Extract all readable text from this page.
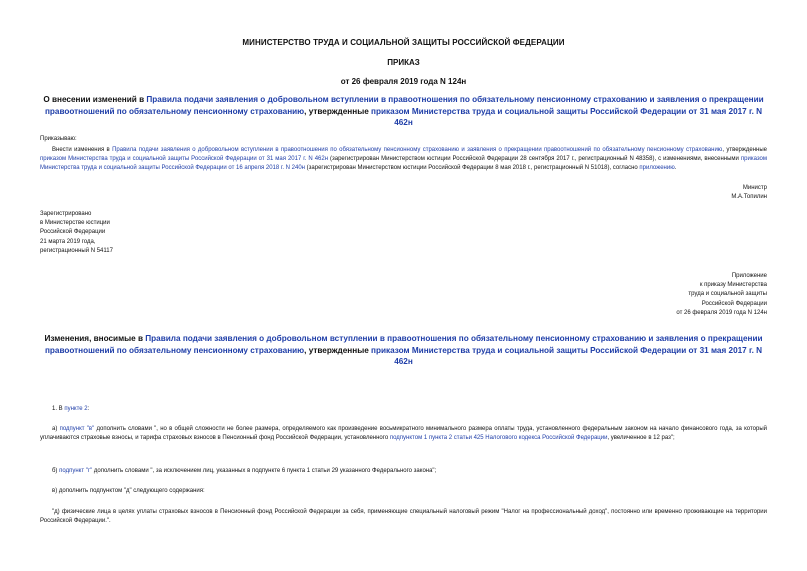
МИНИСТЕРСТВО ТРУДА И СОЦИАЛЬНОЙ ЗАЩИТЫ РОССИЙСКОЙ ФЕДЕРАЦИИ
ПРИКАЗ
от 26 февраля 2019 года N 124н
О внесении изменений в Правила подачи заявления о добровольном вступлении в правоотношения по обязательному пенсионному страхованию и заявления о прекращении правоотношений по обязательному пенсионному страхованию, утвержденные приказом Министерства труда и социальной защиты Российской Федерации от 31 мая 2017 г. N 462н
Приказываю:
Внести изменения в Правила подачи заявления о добровольном вступлении в правоотношения по обязательному пенсионному страхованию и заявления о прекращении правоотношений по обязательному пенсионному страхованию, утвержденные приказом Министерства труда и социальной защиты Российской Федерации от 31 мая 2017 г. N 462н (зарегистрирован Министерством юстиции Российской Федерации 28 сентября 2017 г., регистрационный N 48358), с изменениями, внесенными приказом Министерства труда и социальной защиты Российской Федерации от 16 апреля 2018 г. N 240н (зарегистрирован Министерством юстиции Российской Федерации 8 мая 2018 г., регистрационный N 51018), согласно приложению.
Министр
М.А.Топилин
Зарегистрировано
в Министерстве юстиции
Российской Федерации
21 марта 2019 года,
регистрационный N 54117
Приложение
к приказу Министерства
труда и социальной защиты
Российской Федерации
от 26 февраля 2019 года N 124н
Изменения, вносимые в Правила подачи заявления о добровольном вступлении в правоотношения по обязательному пенсионному страхованию и заявления о прекращении правоотношений по обязательному пенсионному страхованию, утвержденные приказом Министерства труда и социальной защиты Российской Федерации от 31 мая 2017 г. N 462н
1. В пункте 2:
а) подпункт "в" дополнить словами ", но в общей сложности не более размера, определяемого как произведение восьмикратного минимального размера оплаты труда, установленного федеральным законом на начало финансового года, за который уплачиваются страховые взносы, и тарифа страховых взносов в Пенсионный фонд Российской Федерации, установленного подпунктом 1 пункта 2 статьи 425 Налогового кодекса Российской Федерации, увеличенное в 12 раз";
б) подпункт "г" дополнить словами ", за исключением лиц, указанных в подпункте 6 пункта 1 статьи 29 указанного Федерального закона";
в) дополнить подпунктом "д" следующего содержания:
"д) физические лица в целях уплаты страховых взносов в Пенсионный фонд Российской Федерации за себя, применяющие специальный налоговый режим "Налог на профессиональный доход", постоянно или временно проживающие на территории Российской Федерации.".
